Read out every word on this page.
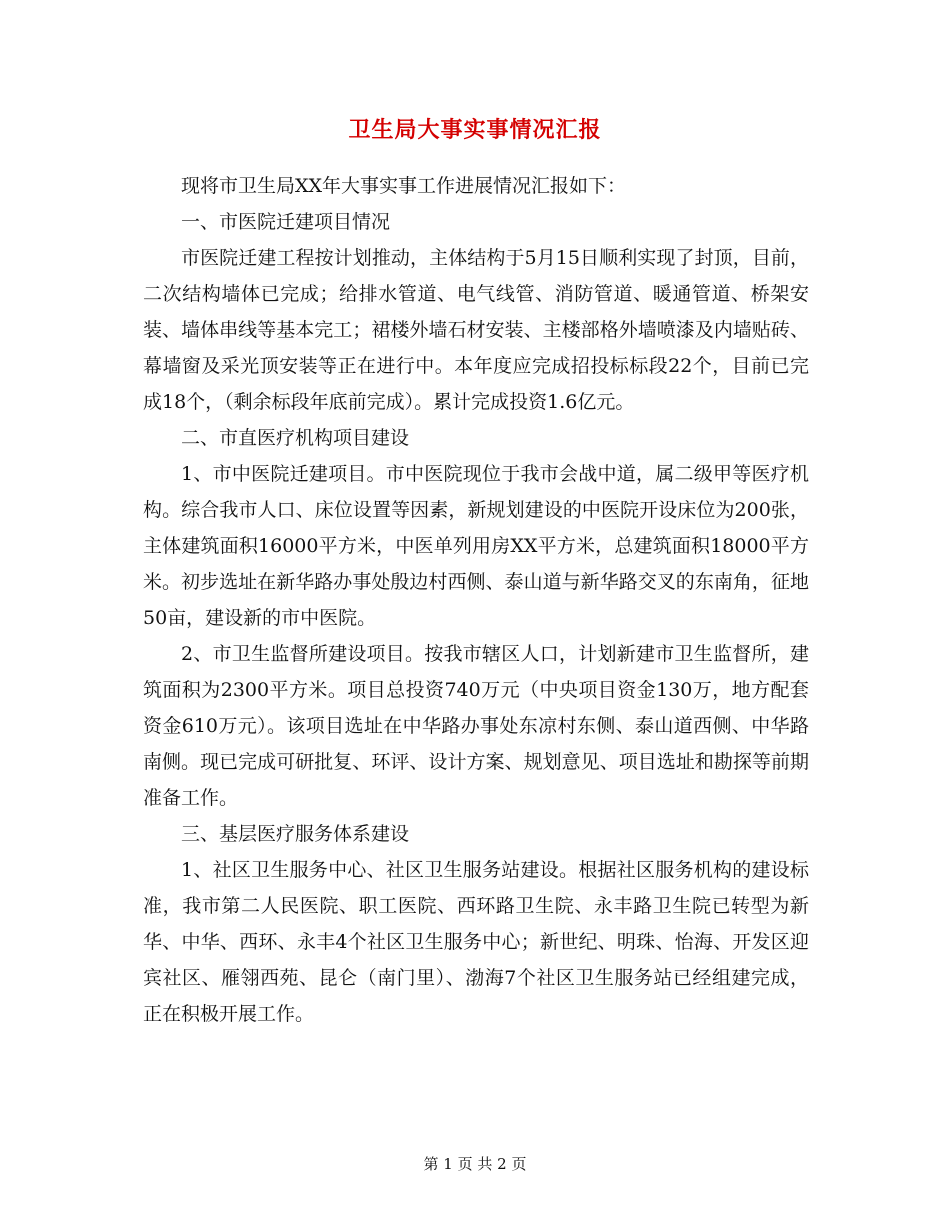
卫生局大事实事情况汇报

现将市卫生局XX年大事实事工作进展情况汇报如下：

一、市医院迁建项目情况

市医院迁建工程按计划推动，主体结构于5月15日顺利实现了封顶，目前，二次结构墙体已完成；给排水管道、电气线管、消防管道、暖通管道、桥架安装、墙体串线等基本完工；裙楼外墙石材安装、主楼部格外墙喷漆及内墙贴砖、幕墙窗及采光顶安装等正在进行中。本年度应完成招投标标段22个，目前已完成18个，（剩余标段年底前完成）。累计完成投资1.6亿元。

二、市直医疗机构项目建设

1、市中医院迁建项目。市中医院现位于我市会战中道，属二级甲等医疗机构。综合我市人口、床位设置等因素，新规划建设的中医院开设床位为200张，主体建筑面积16000平方米，中医单列用房XX平方米，总建筑面积18000平方米。初步选址在新华路办事处殷边村西侧、泰山道与新华路交叉的东南角，征地50亩，建设新的市中医院。

2、市卫生监督所建设项目。按我市辖区人口，计划新建市卫生监督所，建筑面积为2300平方米。项目总投资740万元（中央项目资金130万，地方配套资金610万元）。该项目选址在中华路办事处东凉村东侧、泰山道西侧、中华路南侧。现已完成可研批复、环评、设计方案、规划意见、项目选址和勘探等前期准备工作。

三、基层医疗服务体系建设

1、社区卫生服务中心、社区卫生服务站建设。根据社区服务机构的建设标准，我市第二人民医院、职工医院、西环路卫生院、永丰路卫生院已转型为新华、中华、西环、永丰4个社区卫生服务中心；新世纪、明珠、怡海、开发区迎宾社区、雁翎西苑、昆仑（南门里）、渤海7个社区卫生服务站已经组建完成，正在积极开展工作。

第 1 页 共 2 页
